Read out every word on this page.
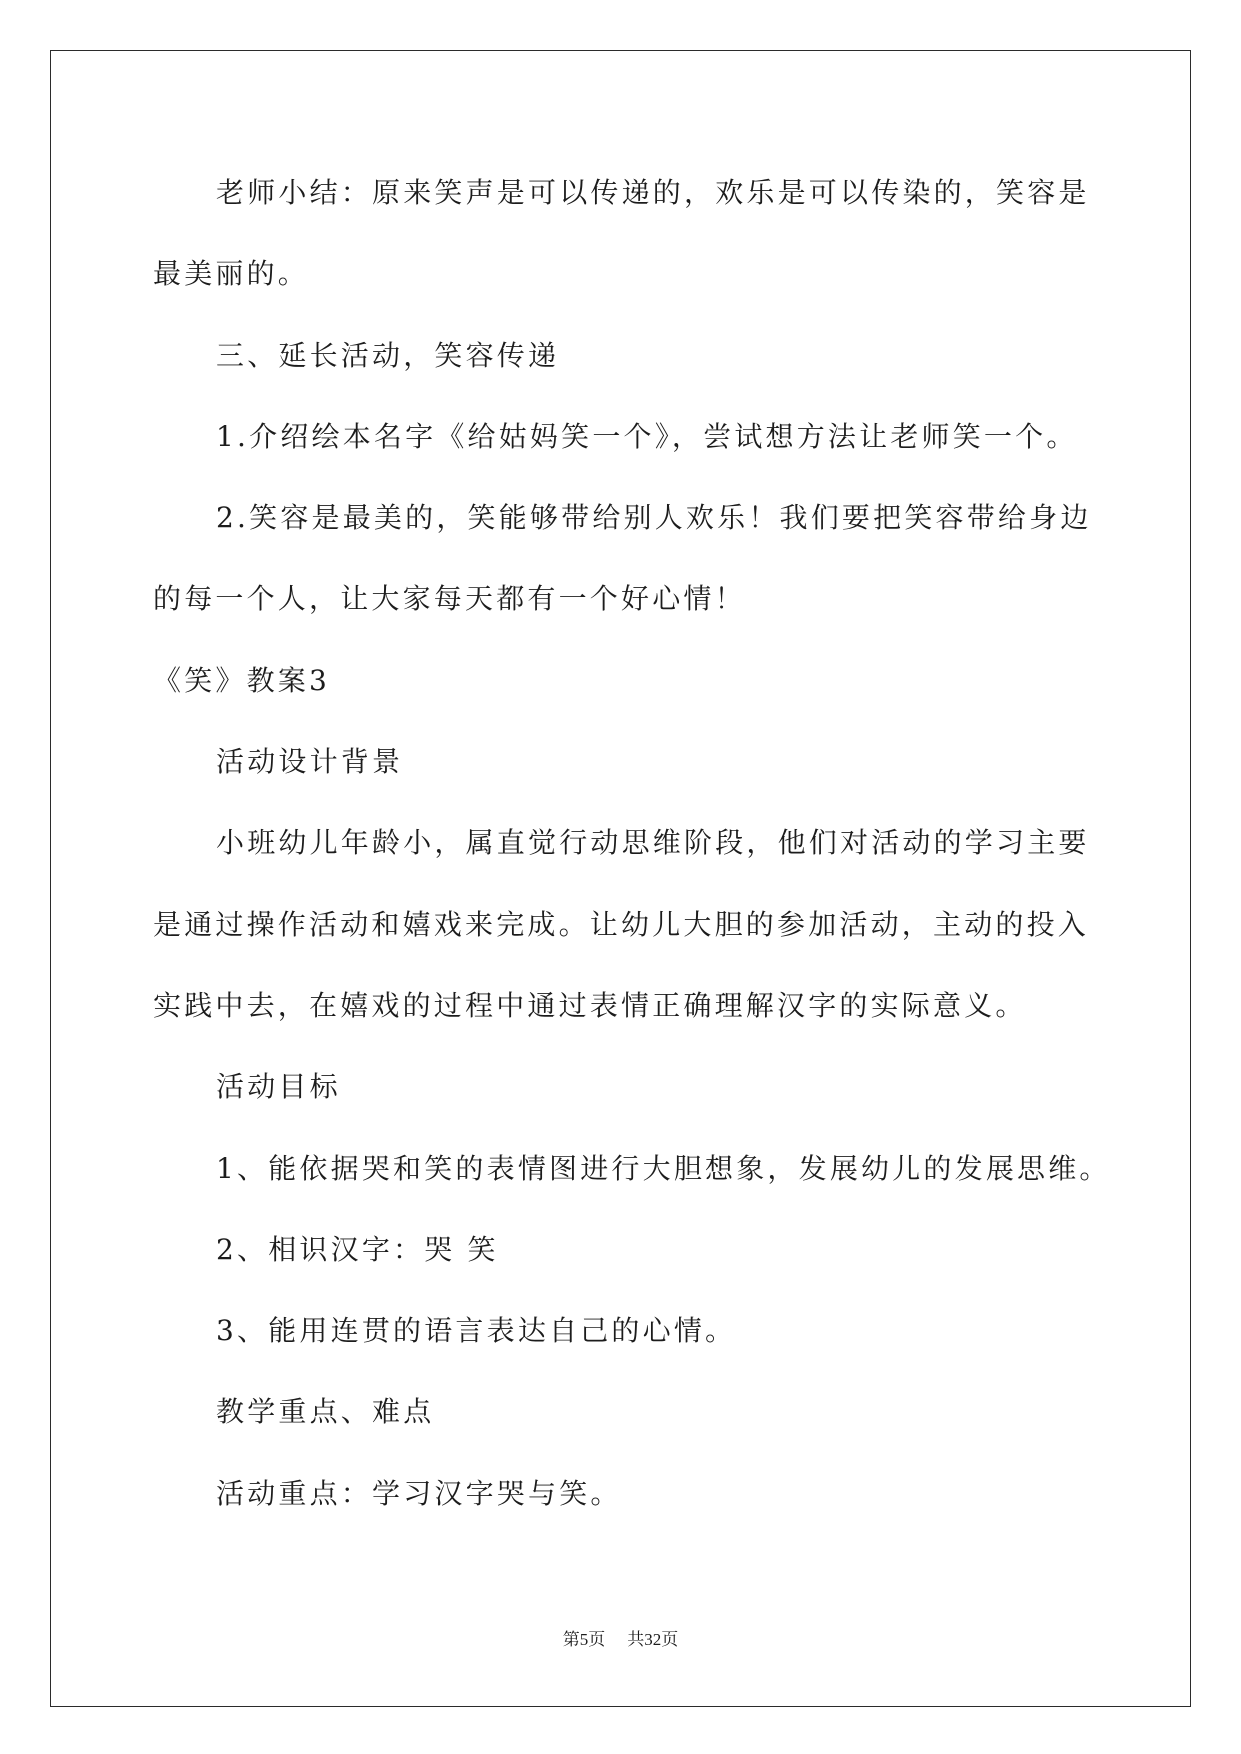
老师小结：原来笑声是可以传递的，欢乐是可以传染的，笑容是
最美丽的。
三、延长活动，笑容传递
1.介绍绘本名字《给姑妈笑一个》，尝试想方法让老师笑一个。
2.笑容是最美的，笑能够带给别人欢乐！我们要把笑容带给身边
的每一个人，让大家每天都有一个好心情！
《笑》教案3
活动设计背景
小班幼儿年龄小，属直觉行动思维阶段，他们对活动的学习主要
是通过操作活动和嬉戏来完成。让幼儿大胆的参加活动，主动的投入
实践中去，在嬉戏的过程中通过表情正确理解汉字的实际意义。
活动目标
1、能依据哭和笑的表情图进行大胆想象，发展幼儿的发展思维。
2、相识汉字：哭 笑
3、能用连贯的语言表达自己的心情。
教学重点、难点
活动重点：学习汉字哭与笑。
第5页 共32页
